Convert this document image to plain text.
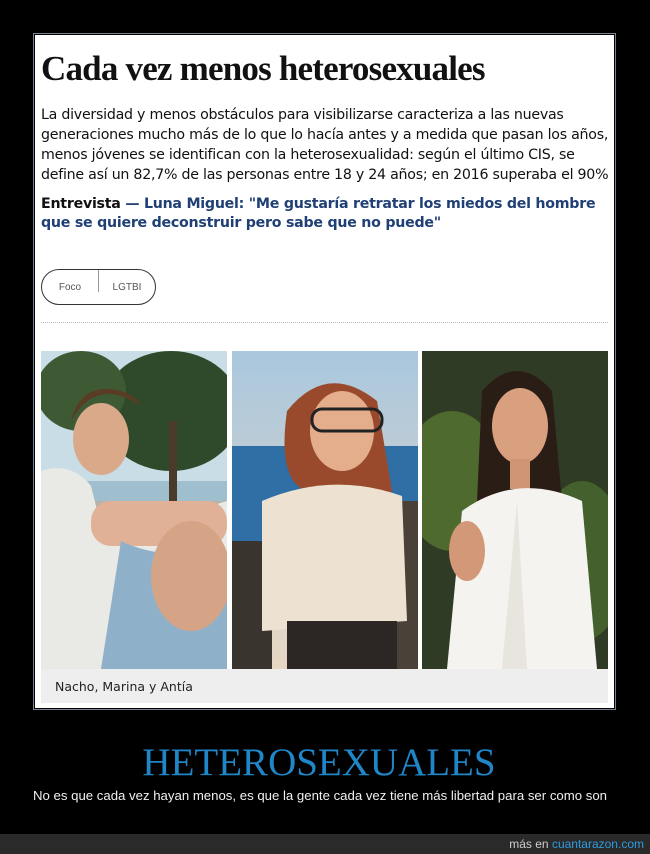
Cada vez menos heterosexuales

La diversidad y menos obstáculos para visibilizarse caracteriza a las nuevas generaciones mucho más de lo que lo hacía antes y a medida que pasan los años, menos jóvenes se identifican con la heterosexualidad: según el último CIS, se define así un 82,7% de las personas entre 18 y 24 años; en 2016 superaba el 90%

Entrevista — Luna Miguel: "Me gustaría retratar los miedos del hombre que se quiere deconstruir pero sabe que no puede"

Foco	LGTBI
Nacho, Marina y Antía
HETEROSEXUALES

No es que cada vez hayan menos, es que la gente cada vez tiene más libertad para ser como son

más en cuantarazon.com
